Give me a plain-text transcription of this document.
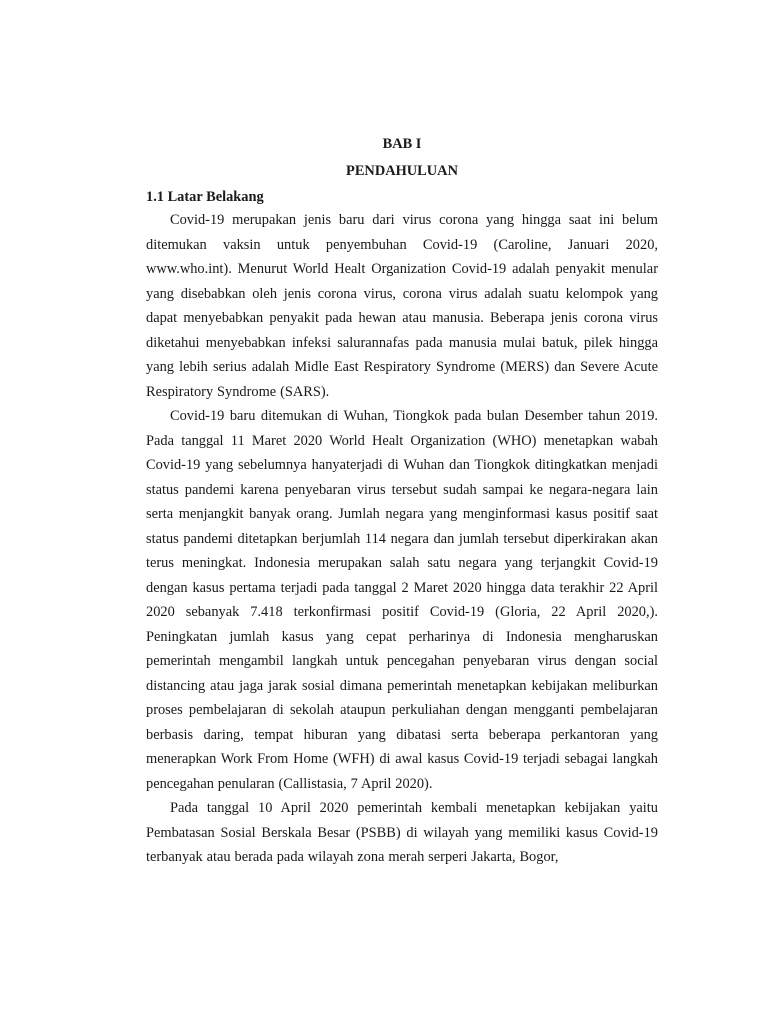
BAB I

PENDAHULUAN

1.1 Latar Belakang

Covid-19 merupakan jenis baru dari virus corona yang hingga saat ini belum ditemukan vaksin untuk penyembuhan Covid-19 (Caroline, Januari 2020, www.who.int). Menurut World Healt Organization Covid-19 adalah penyakit menular yang disebabkan oleh jenis corona virus, corona virus adalah suatu kelompok yang dapat menyebabkan penyakit pada hewan atau manusia. Beberapa jenis corona virus diketahui menyebabkan infeksi salurannafas pada manusia mulai batuk, pilek hingga yang lebih serius adalah Midle East Respiratory Syndrome (MERS) dan Severe Acute Respiratory Syndrome (SARS).

Covid-19 baru ditemukan di Wuhan, Tiongkok pada bulan Desember tahun 2019. Pada tanggal 11 Maret 2020 World Healt Organization (WHO) menetapkan wabah Covid-19 yang sebelumnya hanyaterjadi di Wuhan dan Tiongkok ditingkatkan menjadi status pandemi karena penyebaran virus tersebut sudah sampai ke negara-negara lain serta menjangkit banyak orang. Jumlah negara yang menginformasi kasus positif saat status pandemi ditetapkan berjumlah 114 negara dan jumlah tersebut diperkirakan akan terus meningkat. Indonesia merupakan salah satu negara yang terjangkit Covid-19 dengan kasus pertama terjadi pada tanggal 2 Maret 2020 hingga data terakhir 22 April 2020 sebanyak 7.418 terkonfirmasi positif Covid-19 (Gloria, 22 April 2020,). Peningkatan jumlah kasus yang cepat perharinya di Indonesia mengharuskan pemerintah mengambil langkah untuk pencegahan penyebaran virus dengan social distancing atau jaga jarak sosial dimana pemerintah menetapkan kebijakan meliburkan proses pembelajaran di sekolah ataupun perkuliahan dengan mengganti pembelajaran berbasis daring, tempat hiburan yang dibatasi serta beberapa perkantoran yang menerapkan Work From Home (WFH) di awal kasus Covid-19 terjadi sebagai langkah pencegahan penularan (Callistasia, 7 April 2020).

Pada tanggal 10 April 2020 pemerintah kembali menetapkan kebijakan yaitu Pembatasan Sosial Berskala Besar (PSBB) di wilayah yang memiliki kasus Covid-19 terbanyak atau berada pada wilayah zona merah serperi Jakarta, Bogor,
